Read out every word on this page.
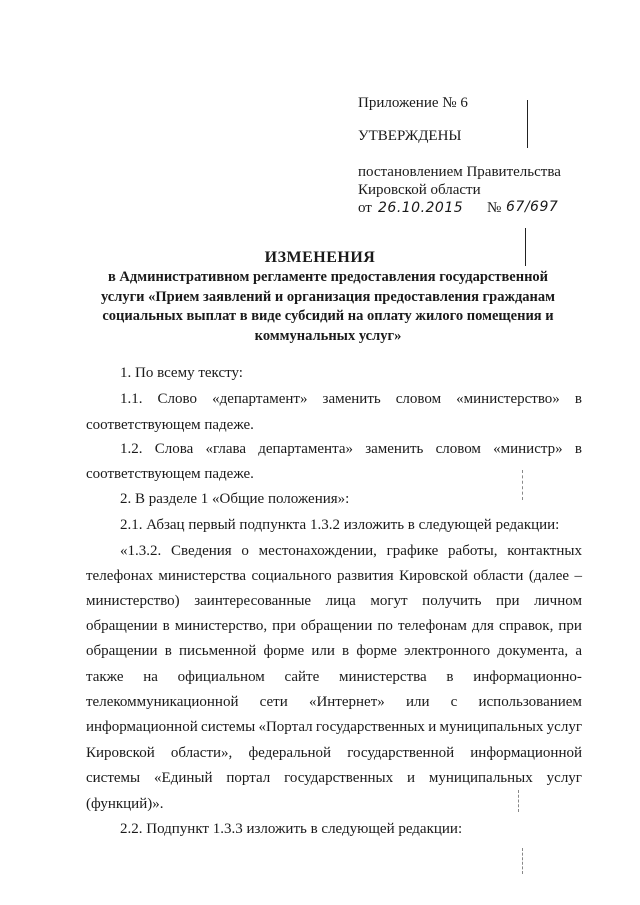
Приложение № 6
УТВЕРЖДЕНЫ
постановлением Правительства
Кировской области
от 26.10.2015 № 67/697
ИЗМЕНЕНИЯ
в Административном регламенте предоставления государственной
услуги «Прием заявлений и организация предоставления гражданам
социальных выплат в виде субсидий на оплату жилого помещения и
коммунальных услуг»
1. По всему тексту:
1.1. Слово «департамент» заменить словом «министерство» в
соответствующем падеже.
1.2. Слова «глава департамента» заменить словом «министр» в
соответствующем падеже.
2. В разделе 1 «Общие положения»:
2.1. Абзац первый подпункта 1.3.2 изложить в следующей редакции:
«1.3.2. Сведения о местонахождении, графике работы, контактных
телефонах министерства социального развития Кировской области (далее –
министерство) заинтересованные лица могут получить при личном
обращении в министерство, при обращении по телефонам для справок, при
обращении в письменной форме или в форме электронного документа, а
также на официальном сайте министерства в информационно-
телекоммуникационной сети «Интернет» или с использованием
информационной системы «Портал государственных и муниципальных услуг
Кировской области», федеральной государственной информационной
системы «Единый портал государственных и муниципальных услуг
(функций)».
2.2. Подпункт 1.3.3 изложить в следующей редакции:
